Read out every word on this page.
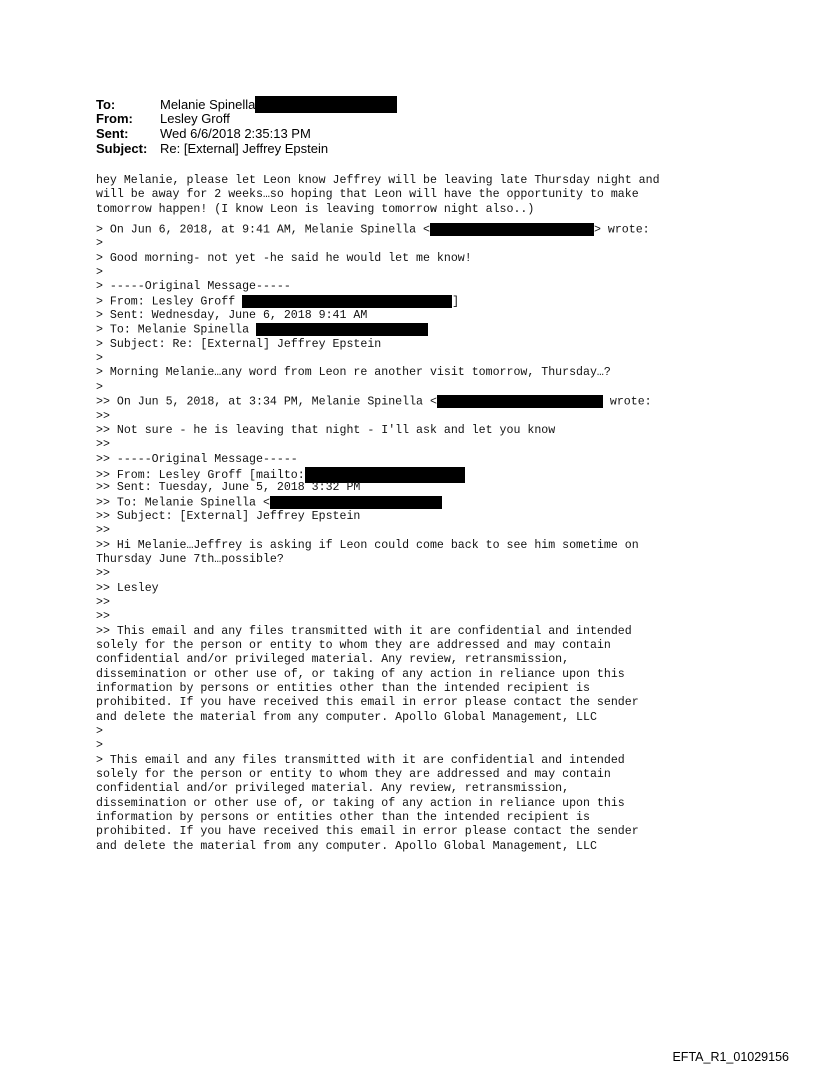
To:	Melanie Spinella
From: Lesley Groff
Sent: Wed 6/6/2018 2:35:13 PM
Subject: Re: [External] Jeffrey Epstein
hey Melanie, please let Leon know Jeffrey will be leaving late Thursday night and
will be away for 2 weeks…so hoping that Leon will have the opportunity to make
tomorrow happen! (I know Leon is leaving tomorrow night also..)
> On Jun 6, 2018, at 9:41 AM, Melanie Spinella <	> wrote:
>
> Good morning- not yet -he said he would let me know!
>
> -----Original Message-----
> From: Lesley Groff	]
> Sent: Wednesday, June 6, 2018 9:41 AM
> To: Melanie Spinella
> Subject: Re: [External] Jeffrey Epstein
>
> Morning Melanie…any word from Leon re another visit tomorrow, Thursday…?
>
>> On Jun 5, 2018, at 3:34 PM, Melanie Spinella <	wrote:
>>
>> Not sure - he is leaving that night - I'll ask and let you know
>>
>> -----Original Message-----
>> From: Lesley Groff [mailto:
>> Sent: Tuesday, June 5, 2018 3:32 PM
>> To: Melanie Spinella <
>> Subject: [External] Jeffrey Epstein
>>
>> Hi Melanie…Jeffrey is asking if Leon could come back to see him sometime on
Thursday June 7th…possible?
>>
>> Lesley
>>
>>
>> This email and any files transmitted with it are confidential and intended
solely for the person or entity to whom they are addressed and may contain
confidential and/or privileged material. Any review, retransmission,
dissemination or other use of, or taking of any action in reliance upon this
information by persons or entities other than the intended recipient is
prohibited. If you have received this email in error please contact the sender
and delete the material from any computer. Apollo Global Management, LLC
>
>
> This email and any files transmitted with it are confidential and intended
solely for the person or entity to whom they are addressed and may contain
confidential and/or privileged material. Any review, retransmission,
dissemination or other use of, or taking of any action in reliance upon this
information by persons or entities other than the intended recipient is
prohibited. If you have received this email in error please contact the sender
and delete the material from any computer. Apollo Global Management, LLC
EFTA_R1_01029156
